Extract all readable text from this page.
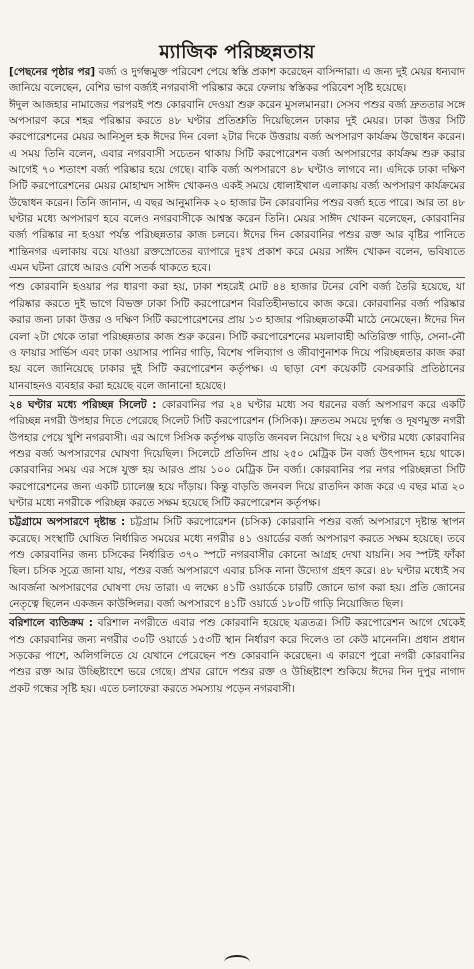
ম্যাজিক পরিচ্ছন্নতায়

[পেছনের পৃষ্ঠার পর] বর্জ্য ও দুর্গন্ধমুক্ত পরিবেশ পেয়ে স্বস্তি প্রকাশ করেছেন বাসিন্দারা। এ জন্য দুই মেয়র ধন্যবাদ জানিয়ে বলেছেন, বেশির ভাগ বর্জ্যই নগরবাসী পরিষ্কার করে ফেলায় স্বস্তিকর পরিবেশ সৃষ্টি হয়েছে।

ঈদুল আজহার নামাজের পরপরই পশু কোরবানি দেওয়া শুরু করেন মুসলমানরা। সেসব পশুর বর্জ্য দ্রুততার সঙ্গে অপসারণ করে শহর পরিষ্কার করতে ৪৮ ঘণ্টার প্রতিশ্রুতি দিয়েছিলেন ঢাকার দুই মেয়র। ঢাকা উত্তর সিটি করপোরেশনের মেয়র আনিসুল হক ঈদের দিন বেলা ২টার দিকে উত্তরায় বর্জ্য অপসারণ কার্যক্রম উদ্বোধন করেন। এ সময় তিনি বলেন, এবার নগরবাসী সচেতন থাকায় সিটি করপোরেশন বর্জ্য অপসারণের কার্যক্রম শুরু করার আগেই ৭০ শতাংশ বর্জ্য পরিষ্কার হয়ে গেছে। বাকি বর্জ্য অপসারণে ৪৮ ঘণ্টাও লাগবে না। এদিকে ঢাকা দক্ষিণ সিটি করপোরেশনের মেয়র মোহাম্মদ সাঈদ খোকনও একই সময়ে ধোলাইখাল এলাকায় বর্জ্য অপসারণ কার্যক্রমের উদ্বোধন করেন। তিনি জানান, এ বছর আনুমানিক ২০ হাজার টন কোরবানির পশুর বর্জ্য হতে পারে। আর তা ৪৮ ঘণ্টার মধ্যে অপসারণ হবে বলেও নগরবাসীকে আশ্বস্ত করেন তিনি। মেয়র সাঈদ খোকন বলেছেন, কোরবানির বর্জ্য পরিষ্কার না হওয়া পর্যন্ত পরিচ্ছন্নতার কাজ চলবে। ঈদের দিন কোরবানির পশুর রক্ত আর বৃষ্টির পানিতে শান্তিনগর এলাকায় বয়ে যাওয়া রক্তস্রোতের ব্যাপারে দুঃখ প্রকাশ করে মেয়র সাঈদ খোকন বলেন, ভবিষ্যতে এমন ঘটনা রোধে আরও বেশি সতর্ক থাকতে হবে।

পশু কোরবানি হওয়ার পর ধারণা করা হয়, ঢাকা শহরেই মোট ৪৪ হাজার টনের বেশি বর্জ্য তৈরি হয়েছে, যা পরিষ্কার করতে দুই ভাগে বিভক্ত ঢাকা সিটি করপোরেশন বিরতিহীনভাবে কাজ করে। কোরবানির বর্জ্য পরিষ্কার করার জন্য ঢাকা উত্তর ও দক্ষিণ সিটি করপোরেশনের প্রায় ১৩ হাজার পরিচ্ছন্নতাকর্মী মাঠে নেমেছেন। ঈদের দিন বেলা ২টা থেকে তারা পরিচ্ছন্নতার কাজ শুরু করেন। সিটি করপোরেশনের ময়লাবাহী অতিরিক্ত গাড়ি, সেনা-নৌ ও ফায়ার সার্ভিস এবং ঢাকা ওয়াসার পানির গাড়ি, বিশেষ পলিব্যাগ ও জীবাণুনাশক দিয়ে পরিচ্ছন্নতার কাজ করা হয় বলে জানিয়েছে ঢাকার দুই সিটি করপোরেশন কর্তৃপক্ষ। এ ছাড়া বেশ কয়েকটি বেসরকারি প্রতিষ্ঠানের যানবাহনও ব্যবহার করা হয়েছে বলে জানানো হয়েছে।

২৪ ঘণ্টার মধ্যে পরিচ্ছন্ন সিলেট : কোরবানির পর ২৪ ঘণ্টার মধ্যে সব ধরনের বর্জ্য অপসারণ করে একটি পরিচ্ছন্ন নগরী উপহার দিতে পেরেছে সিলেট সিটি করপোরেশন (সিসিক)। দ্রুততম সময়ে দুর্গন্ধ ও দূষণমুক্ত নগরী উপহার পেয়ে খুশি নগরবাসী। এর আগে সিসিক কর্তৃপক্ষ বাড়তি জনবল নিয়োগ দিয়ে ২৪ ঘণ্টার মধ্যে কোরবানির পশুর বর্জ্য অপসারণের ঘোষণা দিয়েছিল। সিলেটে প্রতিদিন প্রায় ২৫০ মেট্রিক টন বর্জ্য উৎপাদন হয়ে থাকে। কোরবানির সময় এর সঙ্গে যুক্ত হয় আরও প্রায় ১০০ মেট্রিক টন বর্জ্য। কোরবানির পর নগর পরিচ্ছন্নতা সিটি করপোরেশনের জন্য একটি চ্যালেঞ্জ হয়ে দাঁড়ায়। কিন্তু বাড়তি জনবল দিয়ে রাতদিন কাজ করে এ বছর মাত্র ২০ ঘণ্টার মধ্যে নগরীকে পরিচ্ছন্ন করতে সক্ষম হয়েছে সিটি করপোরেশন কর্তৃপক্ষ।

চট্টগ্রামে অপসারণে দৃষ্টান্ত : চট্টগ্রাম সিটি করপোরেশন (চসিক) কোরবানি পশুর বর্জ্য অপসারণে দৃষ্টান্ত স্থাপন করেছে। সংস্থাটি ঘোষিত নির্ধারিত সময়ের মধ্যে নগরীর ৪১ ওয়ার্ডের বর্জ্য অপসারণ করতে সক্ষম হয়েছে। তবে পশু কোরবানির জন্য চসিকের নির্ধারিত ৩৭০ স্পটে নগরবাসীর কোনো আগ্রহ দেখা যায়নি। সব স্পটই ফাঁকা ছিল। চসিক সূত্রে জানা যায়, পশুর বর্জ্য অপসারণে এবার চসিক নানা উদ্যোগ গ্রহণ করে। ৪৮ ঘণ্টার মধ্যেই সব আবর্জনা অপসারণের ঘোষণা দেয় তারা। এ লক্ষ্যে ৪১টি ওয়ার্ডকে চারটি জোনে ভাগ করা হয়। প্রতি জোনের নেতৃত্বে ছিলেন একজন কাউন্সিলর। বর্জ্য অপসারণে ৪১টি ওয়ার্ডে ১৮০টি গাড়ি নিয়োজিত ছিল।

বরিশালে ব্যতিক্রম : বরিশাল নগরীতে এবার পশু কোরবানি হয়েছে যত্রতত্র। সিটি করপোরেশন আগে থেকেই পশু কোরবানির জন্য নগরীর ৩০টি ওয়ার্ডে ১৫৩টি স্থান নির্ধারণ করে দিলেও তা কেউ মানেননি। প্রধান প্রধান সড়কের পাশে, অলিগলিতে যে যেখানে পেরেছেন পশু কোরবানি করেছেন। এ কারণে পুরো নগরী কোরবানির পশুর রক্ত আর উচ্ছিষ্টাংশে ভরে গেছে। প্রখর রোদে পশুর রক্ত ও উচ্ছিষ্টাংশ শুকিয়ে ঈদের দিন দুপুর নাগাদ প্রকট গন্ধের সৃষ্টি হয়। এতে চলাফেরা করতে সমস্যায় পড়েন নগরবাসী।
